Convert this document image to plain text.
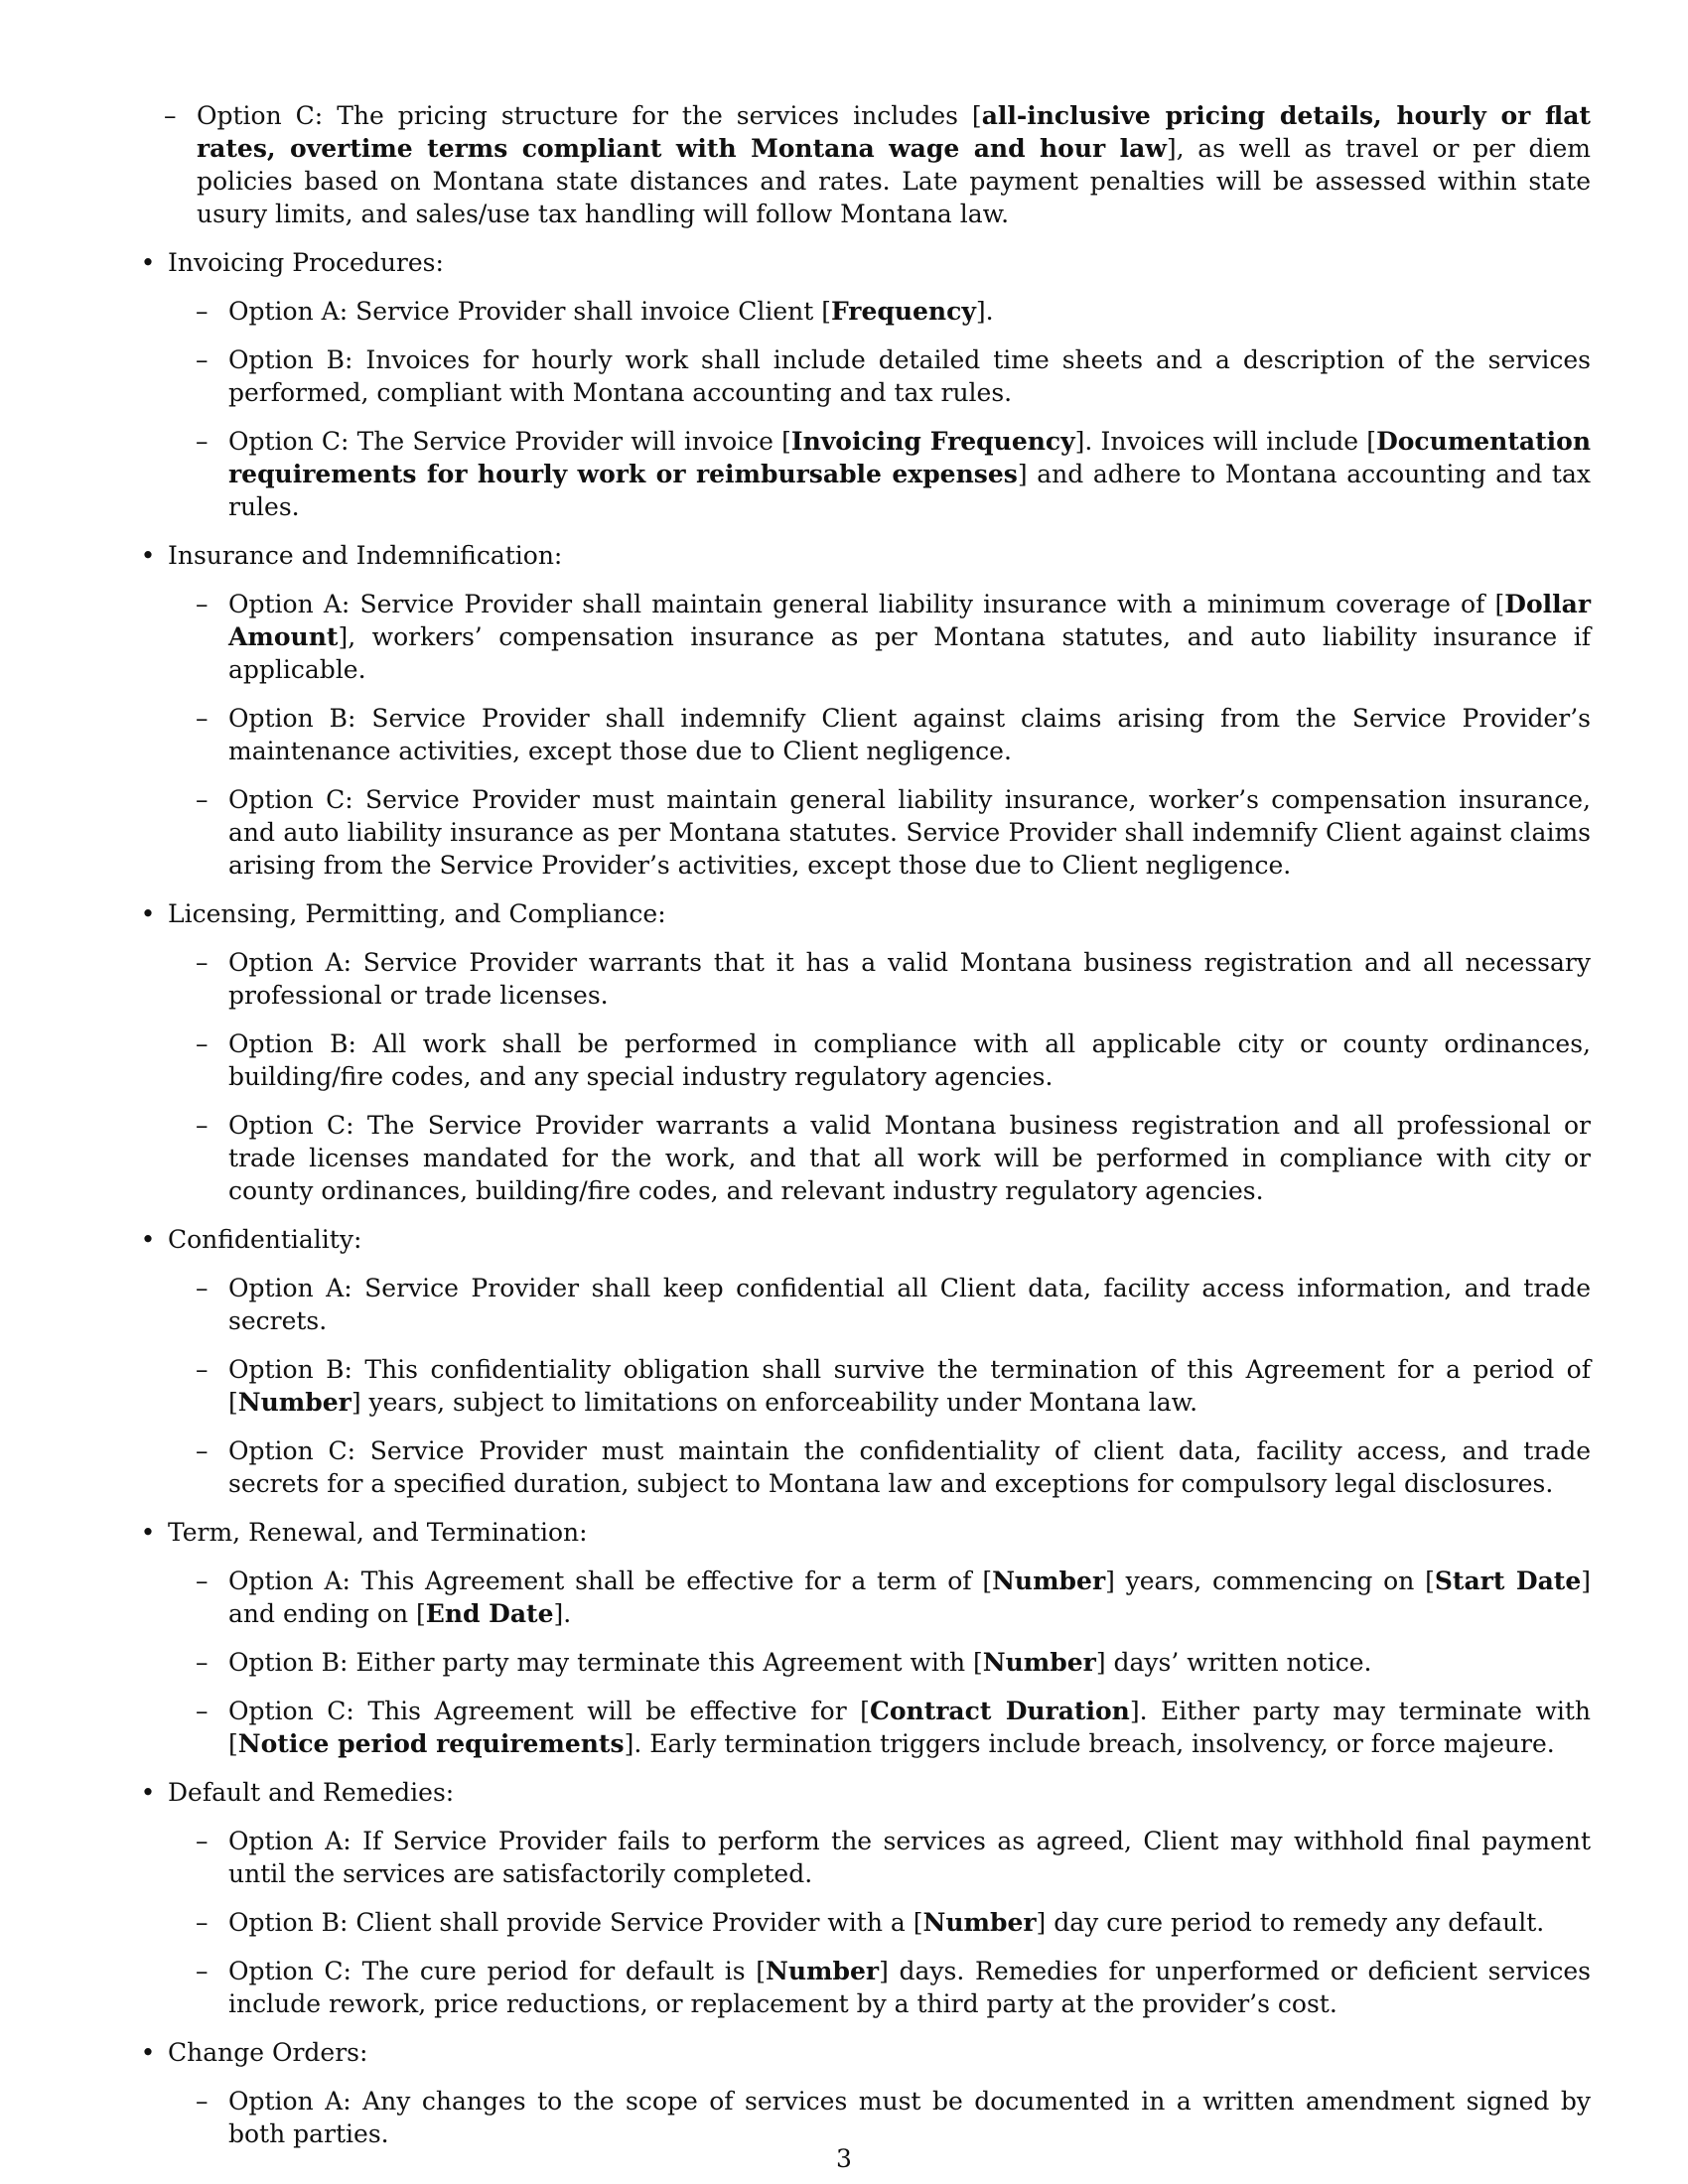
– Option C: The pricing structure for the services includes [all-inclusive pricing details, hourly or flat rates, overtime terms compliant with Montana wage and hour law], as well as travel or per diem policies based on Montana state distances and rates. Late payment penalties will be assessed within state usury limits, and sales/use tax handling will follow Montana law.
• Invoicing Procedures:
– Option A: Service Provider shall invoice Client [Frequency].
– Option B: Invoices for hourly work shall include detailed time sheets and a description of the services performed, compliant with Montana accounting and tax rules.
– Option C: The Service Provider will invoice [Invoicing Frequency]. Invoices will include [Documentation requirements for hourly work or reimbursable expenses] and adhere to Montana accounting and tax rules.
• Insurance and Indemnification:
– Option A: Service Provider shall maintain general liability insurance with a minimum coverage of [Dollar Amount], workers’ compensation insurance as per Montana statutes, and auto liability insurance if applicable.
– Option B: Service Provider shall indemnify Client against claims arising from the Service Provider’s maintenance activities, except those due to Client negligence.
– Option C: Service Provider must maintain general liability insurance, worker’s compensation insurance, and auto liability insurance as per Montana statutes. Service Provider shall indemnify Client against claims arising from the Service Provider’s activities, except those due to Client negligence.
• Licensing, Permitting, and Compliance:
– Option A: Service Provider warrants that it has a valid Montana business registration and all necessary professional or trade licenses.
– Option B: All work shall be performed in compliance with all applicable city or county ordinances, building/fire codes, and any special industry regulatory agencies.
– Option C: The Service Provider warrants a valid Montana business registration and all professional or trade licenses mandated for the work, and that all work will be performed in compliance with city or county ordinances, building/fire codes, and relevant industry regulatory agencies.
• Confidentiality:
– Option A: Service Provider shall keep confidential all Client data, facility access information, and trade secrets.
– Option B: This confidentiality obligation shall survive the termination of this Agreement for a period of [Number] years, subject to limitations on enforceability under Montana law.
– Option C: Service Provider must maintain the confidentiality of client data, facility access, and trade secrets for a specified duration, subject to Montana law and exceptions for compulsory legal disclosures.
• Term, Renewal, and Termination:
– Option A: This Agreement shall be effective for a term of [Number] years, commencing on [Start Date] and ending on [End Date].
– Option B: Either party may terminate this Agreement with [Number] days’ written notice.
– Option C: This Agreement will be effective for [Contract Duration]. Either party may terminate with [Notice period requirements]. Early termination triggers include breach, insolvency, or force majeure.
• Default and Remedies:
– Option A: If Service Provider fails to perform the services as agreed, Client may withhold final payment until the services are satisfactorily completed.
– Option B: Client shall provide Service Provider with a [Number] day cure period to remedy any default.
– Option C: The cure period for default is [Number] days. Remedies for unperformed or deficient services include rework, price reductions, or replacement by a third party at the provider’s cost.
• Change Orders:
– Option A: Any changes to the scope of services must be documented in a written amendment signed by both parties.
3
